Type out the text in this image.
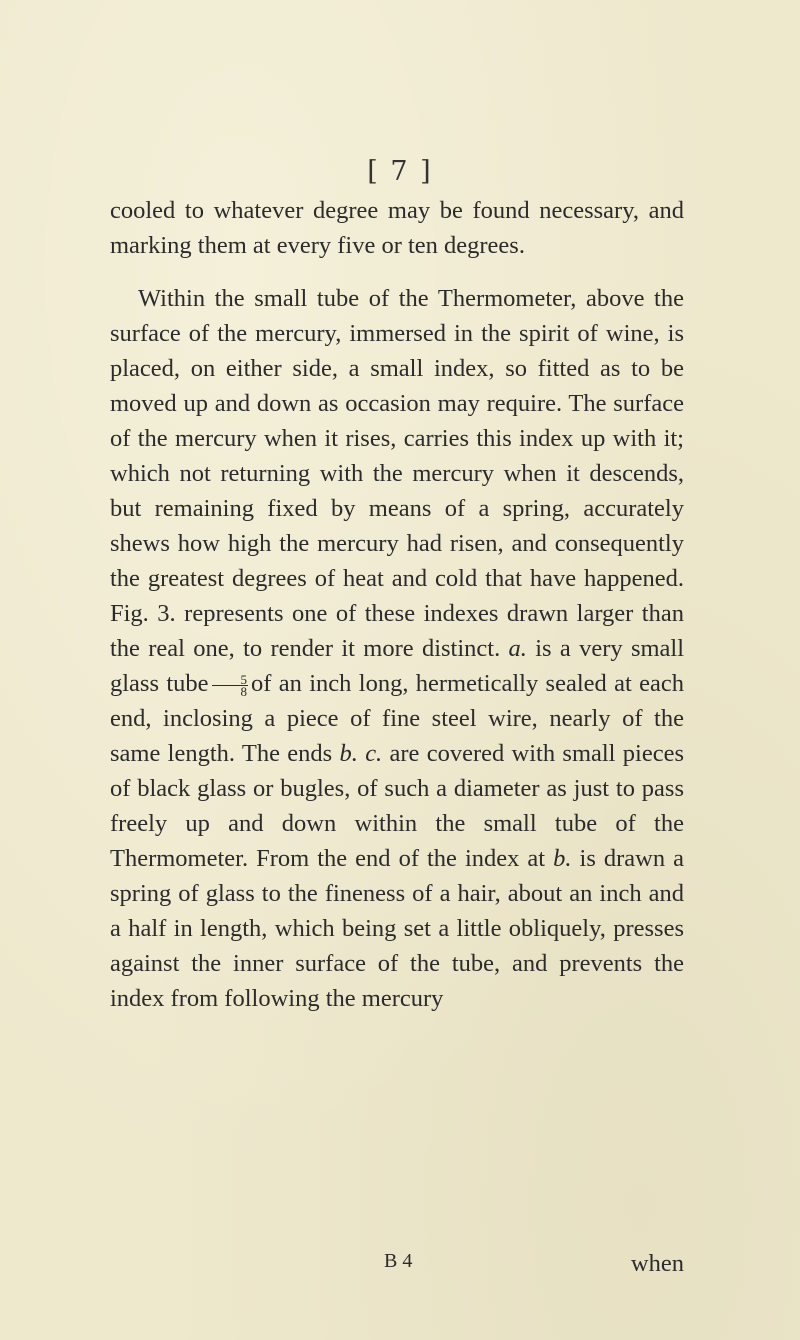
[ 7 ]

cooled to whatever degree may be found necessary, and marking them at every five or ten degrees.

Within the small tube of the Thermometer, above the surface of the mercury, immersed in the spirit of wine, is placed, on either side, a small index, so fitted as to be moved up and down as occasion may require. The surface of the mercury when it rises, carries this index up with it; which not returning with the mercury when it descends, but remaining fixed by means of a spring, accurately shews how high the mercury had risen, and consequently the greatest degrees of heat and cold that have happened. Fig. 3. represents one of these indexes drawn larger than the real one, to render it more distinct. a. is a very small glass tube $\frac{5}{8}$ of an inch long, hermetically sealed at each end, inclosing a piece of fine steel wire, nearly of the same length. The ends b. c. are covered with small pieces of black glass or bugles, of such a diameter as just to pass freely up and down within the small tube of the Thermometer. From the end of the index at b. is drawn a spring of glass to the fineness of a hair, about an inch and a half in length, which being set a little obliquely, presses against the inner surface of the tube, and prevents the index from following the mercury

B 4	when
